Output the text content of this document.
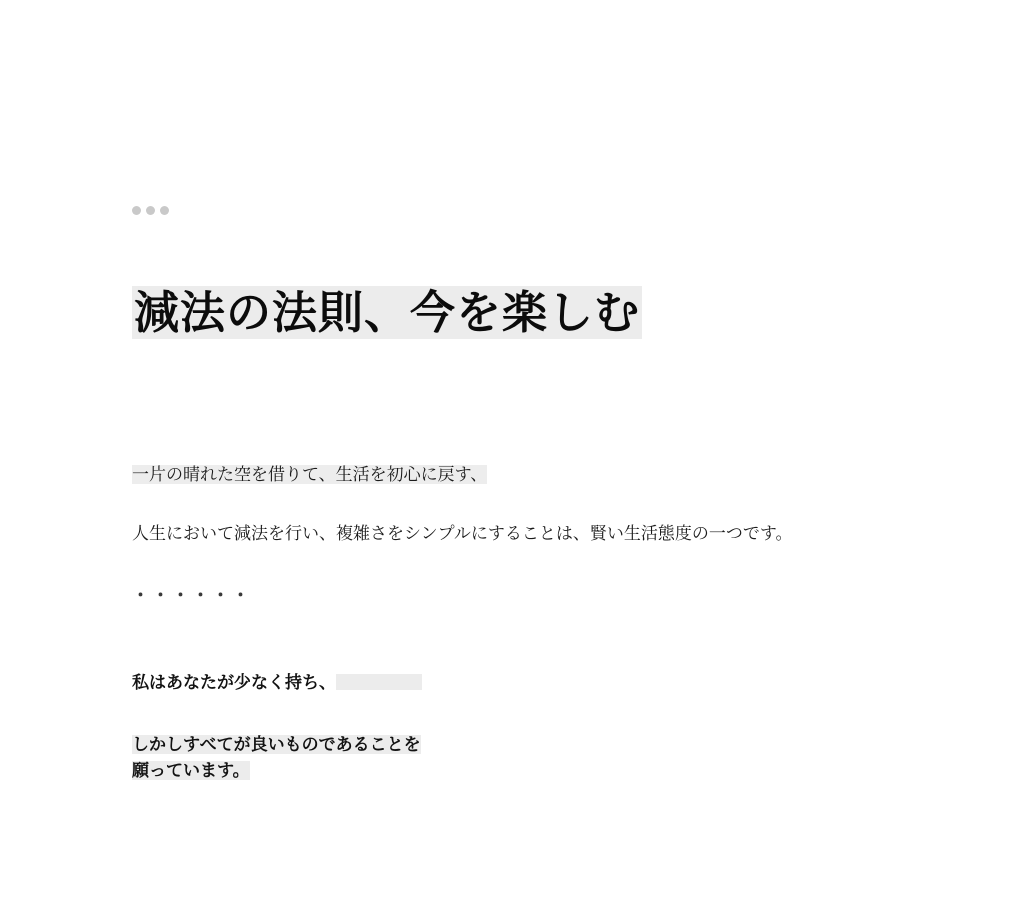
減法の法則、今を楽しむ

一片の晴れた空を借りて、生活を初心に戻す、

人生において減法を行い、複雑さをシンプルにすることは、賢い生活態度の一つです。

・・・・・・

私はあなたが少なく持ち、

しかしすべてが良いものであることを願っています。
